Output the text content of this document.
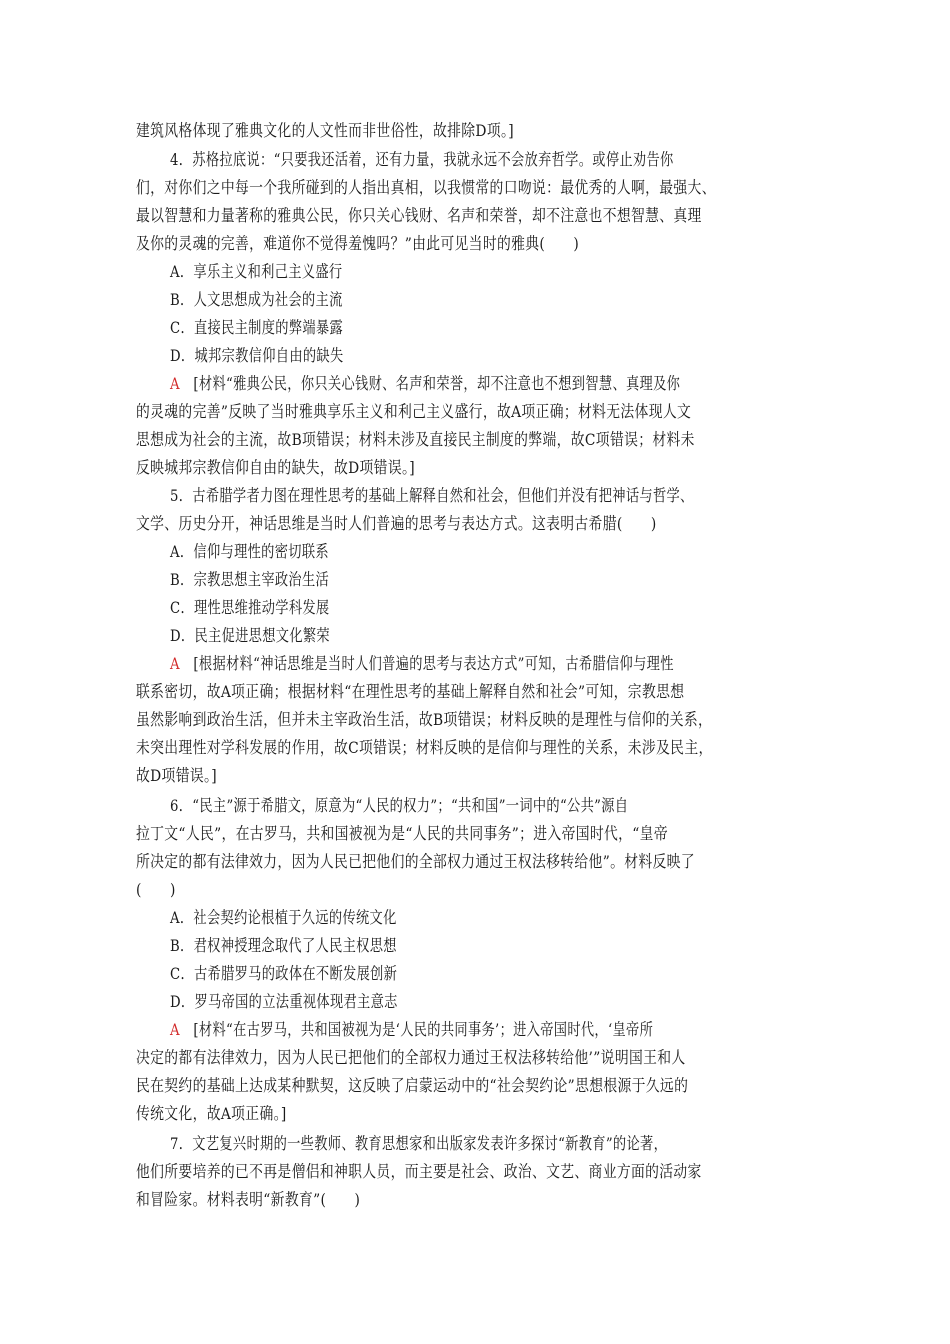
建筑风格体现了雅典文化的人文性而非世俗性，故排除D项。]
4．苏格拉底说：“只要我还活着，还有力量，我就永远不会放弃哲学。或停止劝告你
们，对你们之中每一个我所碰到的人指出真相，以我惯常的口吻说：最优秀的人啊，最强大、
最以智慧和力量著称的雅典公民，你只关心钱财、名声和荣誉，却不注意也不想智慧、真理
及你的灵魂的完善，难道你不觉得羞愧吗？”由此可见当时的雅典(　　)
A．享乐主义和利己主义盛行
B．人文思想成为社会的主流
C．直接民主制度的弊端暴露
D．城邦宗教信仰自由的缺失
A　[材料“雅典公民，你只关心钱财、名声和荣誉，却不注意也不想到智慧、真理及你
的灵魂的完善”反映了当时雅典享乐主义和利己主义盛行，故A项正确；材料无法体现人文
思想成为社会的主流，故B项错误；材料未涉及直接民主制度的弊端，故C项错误；材料未
反映城邦宗教信仰自由的缺失，故D项错误。]
5．古希腊学者力图在理性思考的基础上解释自然和社会，但他们并没有把神话与哲学、
文学、历史分开，神话思维是当时人们普遍的思考与表达方式。这表明古希腊(　　)
A．信仰与理性的密切联系
B．宗教思想主宰政治生活
C．理性思维推动学科发展
D．民主促进思想文化繁荣
A　[根据材料“神话思维是当时人们普遍的思考与表达方式”可知，古希腊信仰与理性
联系密切，故A项正确；根据材料“在理性思考的基础上解释自然和社会”可知，宗教思想
虽然影响到政治生活，但并未主宰政治生活，故B项错误；材料反映的是理性与信仰的关系，
未突出理性对学科发展的作用，故C项错误；材料反映的是信仰与理性的关系，未涉及民主，
故D项错误。]
6．“民主”源于希腊文，原意为“人民的权力”；“共和国”一词中的“公共”源自
拉丁文“人民”，在古罗马，共和国被视为是“人民的共同事务”；进入帝国时代，“皇帝
所决定的都有法律效力，因为人民已把他们的全部权力通过王权法移转给他”。材料反映了
(　　)
A．社会契约论根植于久远的传统文化
B．君权神授理念取代了人民主权思想
C．古希腊罗马的政体在不断发展创新
D．罗马帝国的立法重视体现君主意志
A　[材料“在古罗马，共和国被视为是‘人民的共同事务’；进入帝国时代，‘皇帝所
决定的都有法律效力，因为人民已把他们的全部权力通过王权法移转给他’”说明国王和人
民在契约的基础上达成某种默契，这反映了启蒙运动中的“社会契约论”思想根源于久远的
传统文化，故A项正确。]
7．文艺复兴时期的一些教师、教育思想家和出版家发表许多探讨“新教育”的论著，
他们所要培养的已不再是僧侣和神职人员，而主要是社会、政治、文艺、商业方面的活动家
和冒险家。材料表明“新教育”(　　)
